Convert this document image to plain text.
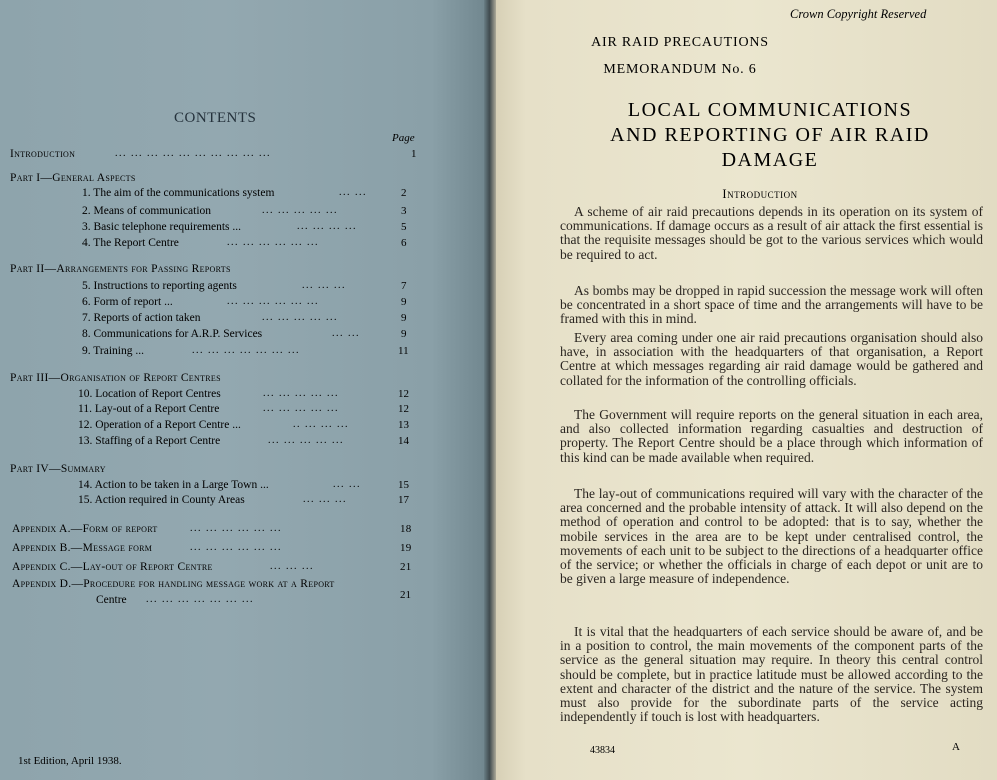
CONTENTS
Page
Introduction	... ... ... ... ... ... ... ... ... ...	1
Part I—General Aspects
1. The aim of the communications system	... ...	2
2. Means of communication	... ... ... ... ...	3
3. Basic telephone requirements ...	... ... ... ...	5
4. The Report Centre	... ... ... ... ... ...	6
Part II—Arrangements for Passing Reports
5. Instructions to reporting agents	... ... ...	7
6. Form of report ...	... ... ... ... ... ...	9
7. Reports of action taken	... ... ... ... ...	9
8. Communications for A.R.P. Services	... ...	9
9. Training ...	... ... ... ... ... ... ...	11
Part III—Organisation of Report Centres
10. Location of Report Centres	... ... ... ... ...	12
11. Lay-out of a Report Centre	... ... ... ... ...	12
12. Operation of a Report Centre ...	.. ... ... ...	13
13. Staffing of a Report Centre	... ... ... ... ...	14
Part IV—Summary
14. Action to be taken in a Large Town ...	... ...	15
15. Action required in County Areas	... ... ...	17
Appendix A.—Form of report	... ... ... ... ... ...	18
Appendix B.—Message form	... ... ... ... ... ...	19
Appendix C.—Lay-out of Report Centre	... ... ...	21
Appendix D.—Procedure for handling message work at a Report
Centre ... ... ... ... ... ... ...	21
1st Edition, April 1938.
Crown Copyright Reserved
AIR RAID PRECAUTIONS
MEMORANDUM No. 6
LOCAL COMMUNICATIONS
AND REPORTING OF AIR RAID
DAMAGE
Introduction
A scheme of air raid precautions depends in its operation on its system of communications. If damage occurs as a result of air attack the first essential is that the requisite messages should be got to the various services which would be required to act.
As bombs may be dropped in rapid succession the message work will often be concentrated in a short space of time and the arrangements will have to be framed with this in mind.
Every area coming under one air raid precautions organisation should also have, in association with the headquarters of that organisation, a Report Centre at which messages regarding air raid damage would be gathered and collated for the information of the controlling officials.
The Government will require reports on the general situation in each area, and also collected information regarding casualties and destruction of property. The Report Centre should be a place through which information of this kind can be made available when required.
The lay-out of communications required will vary with the character of the area concerned and the probable intensity of attack. It will also depend on the method of operation and control to be adopted: that is to say, whether the mobile services in the area are to be kept under centralised control, the movements of each unit to be subject to the directions of a headquarter office of the service; or whether the officials in charge of each depot or unit are to be given a large measure of independence.
It is vital that the headquarters of each service should be aware of, and be in a position to control, the main movements of the component parts of the service as the general situation may require. In theory this central control should be complete, but in practice latitude must be allowed according to the extent and character of the district and the nature of the service. The system must also provide for the subordinate parts of the service acting independently if touch is lost with headquarters.
43834	A
